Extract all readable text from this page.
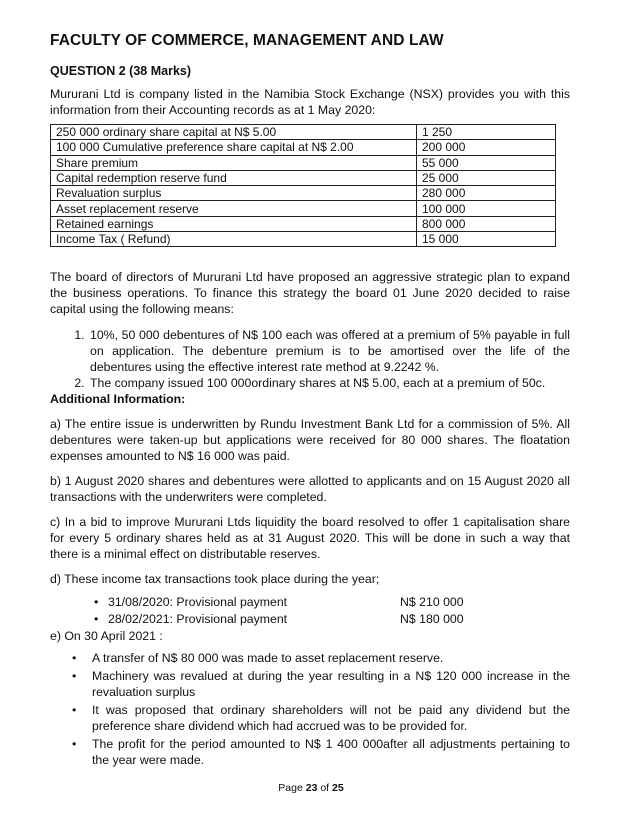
FACULTY OF COMMERCE, MANAGEMENT AND LAW
QUESTION 2 (38 Marks)

Mururani Ltd is company listed in the Namibia Stock Exchange (NSX) provides you with this information from their Accounting records as at 1 May 2020:

250 000 ordinary share capital at N$ 5.00	1 250
100 000 Cumulative preference share capital at N$ 2.00	200 000
Share premium	55 000
Capital redemption reserve fund	25 000
Revaluation surplus	280 000
Asset replacement reserve	100 000
Retained earnings	800 000
Income Tax ( Refund)	15 000

The board of directors of Mururani Ltd have proposed an aggressive strategic plan to expand the business operations. To finance this strategy the board 01 June 2020 decided to raise capital using the following means:

1. 10%, 50 000 debentures of N$ 100 each was offered at a premium of 5% payable in full on application. The debenture premium is to be amortised over the life of the debentures using the effective interest rate method at 9.2242 %.
2. The company issued 100 000ordinary shares at N$ 5.00, each at a premium of 50c.
Additional Information:

a) The entire issue is underwritten by Rundu Investment Bank Ltd for a commission of 5%. All debentures were taken-up but applications were received for 80 000 shares. The floatation expenses amounted to N$ 16 000 was paid.

b) 1 August 2020 shares and debentures were allotted to applicants and on 15 August 2020 all transactions with the underwriters were completed.

c) In a bid to improve Mururani Ltds liquidity the board resolved to offer 1 capitalisation share for every 5 ordinary shares held as at 31 August 2020. This will be done in such a way that there is a minimal effect on distributable reserves.

d) These income tax transactions took place during the year;

• 31/08/2020: Provisional payment	N$ 210 000
• 28/02/2021: Provisional payment	N$ 180 000

e) On 30 April 2021 :

• A transfer of N$ 80 000 was made to asset replacement reserve.
• Machinery was revalued at during the year resulting in a N$ 120 000 increase in the revaluation surplus
• It was proposed that ordinary shareholders will not be paid any dividend but the preference share dividend which had accrued was to be provided for.
• The profit for the period amounted to N$ 1 400 000after all adjustments pertaining to the year were made.
Page 23 of 25
